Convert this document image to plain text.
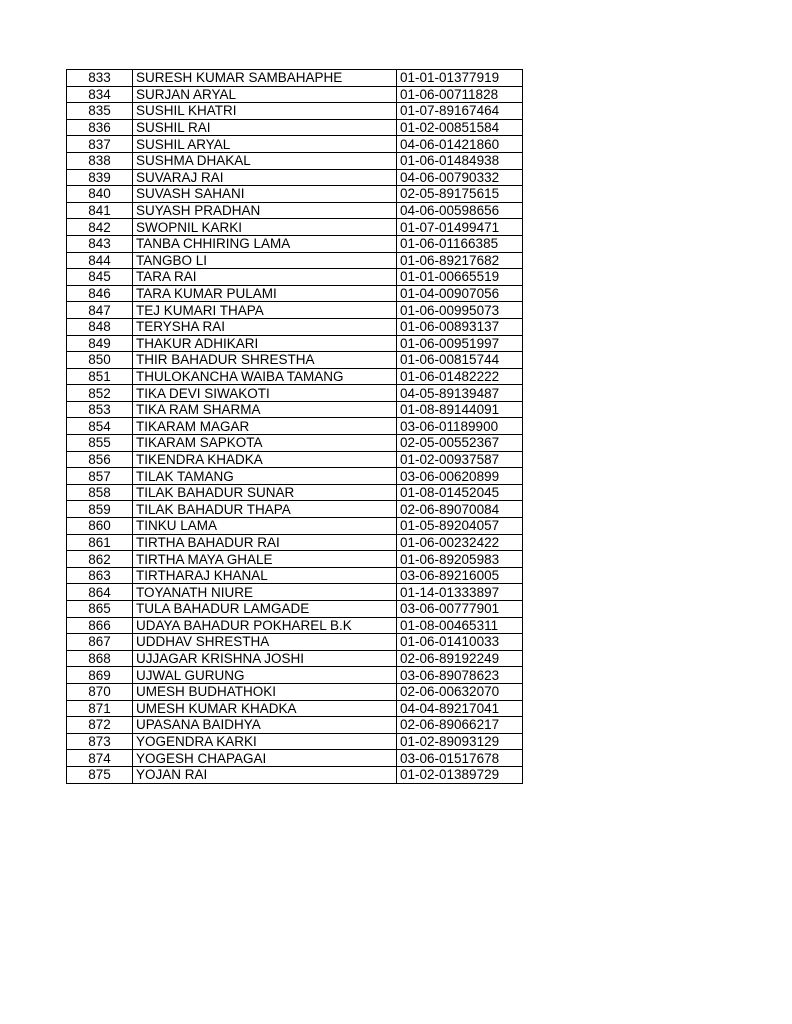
833	SURESH KUMAR SAMBAHAPHE	01-01-01377919
834	SURJAN ARYAL	01-06-00711828
835	SUSHIL KHATRI	01-07-89167464
836	SUSHIL RAI	01-02-00851584
837	SUSHIL ARYAL	04-06-01421860
838	SUSHMA DHAKAL	01-06-01484938
839	SUVARAJ RAI	04-06-00790332
840	SUVASH SAHANI	02-05-89175615
841	SUYASH PRADHAN	04-06-00598656
842	SWOPNIL KARKI	01-07-01499471
843	TANBA CHHIRING LAMA	01-06-01166385
844	TANGBO LI	01-06-89217682
845	TARA RAI	01-01-00665519
846	TARA KUMAR PULAMI	01-04-00907056
847	TEJ KUMARI THAPA	01-06-00995073
848	TERYSHA RAI	01-06-00893137
849	THAKUR ADHIKARI	01-06-00951997
850	THIR BAHADUR SHRESTHA	01-06-00815744
851	THULOKANCHA WAIBA TAMANG	01-06-01482222
852	TIKA DEVI SIWAKOTI	04-05-89139487
853	TIKA RAM SHARMA	01-08-89144091
854	TIKARAM MAGAR	03-06-01189900
855	TIKARAM SAPKOTA	02-05-00552367
856	TIKENDRA KHADKA	01-02-00937587
857	TILAK TAMANG	03-06-00620899
858	TILAK BAHADUR SUNAR	01-08-01452045
859	TILAK BAHADUR THAPA	02-06-89070084
860	TINKU LAMA	01-05-89204057
861	TIRTHA BAHADUR RAI	01-06-00232422
862	TIRTHA MAYA GHALE	01-06-89205983
863	TIRTHARAJ KHANAL	03-06-89216005
864	TOYANATH NIURE	01-14-01333897
865	TULA BAHADUR LAMGADE	03-06-00777901
866	UDAYA BAHADUR POKHAREL B.K	01-08-00465311
867	UDDHAV SHRESTHA	01-06-01410033
868	UJJAGAR KRISHNA JOSHI	02-06-89192249
869	UJWAL GURUNG	03-06-89078623
870	UMESH BUDHATHOKI	02-06-00632070
871	UMESH KUMAR KHADKA	04-04-89217041
872	UPASANA BAIDHYA	02-06-89066217
873	YOGENDRA KARKI	01-02-89093129
874	YOGESH CHAPAGAI	03-06-01517678
875	YOJAN RAI	01-02-01389729
